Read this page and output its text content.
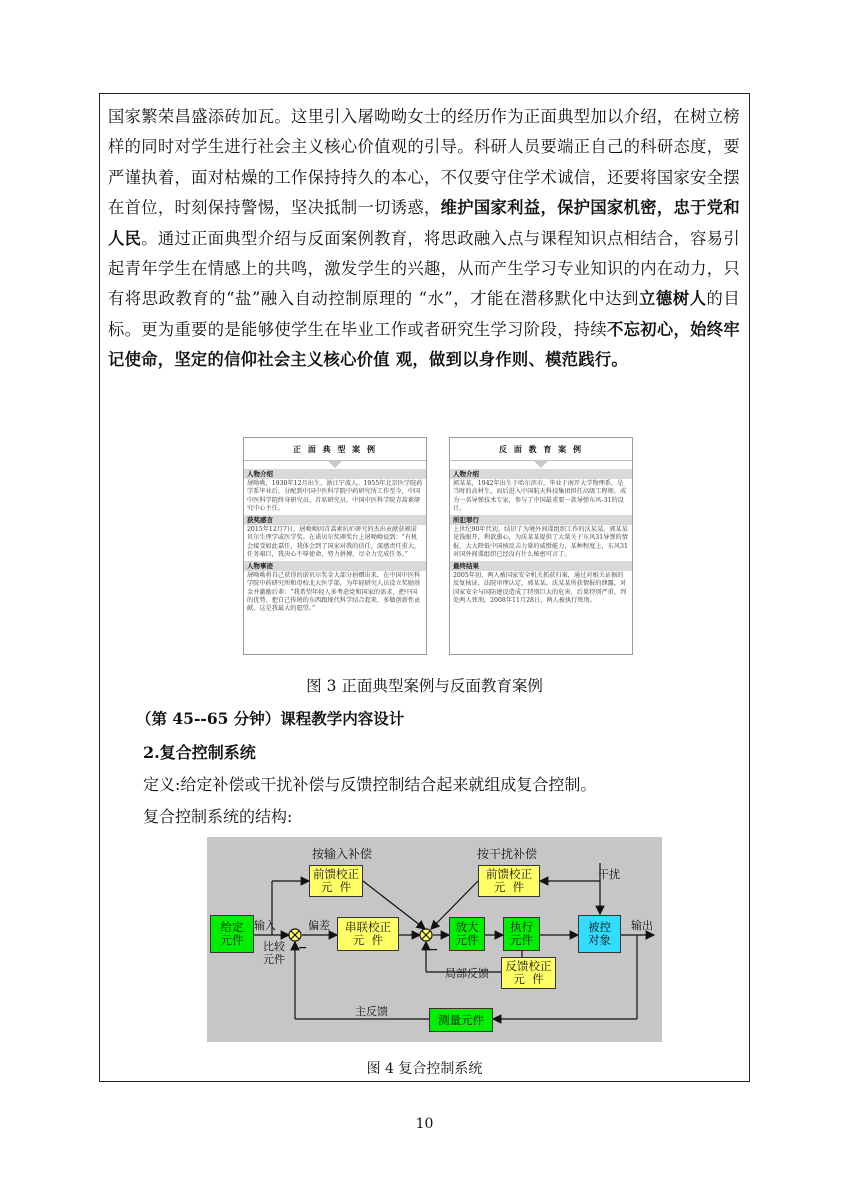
国家繁荣昌盛添砖加瓦。这里引入屠呦呦女士的经历作为正面典型加以介绍，在树立榜样的同时对学生进行社会主义核心价值观的引导。科研人员要端正自己的科研态度，要严谨执着，面对枯燥的工作保持持久的本心，不仅要守住学术诚信，还要将国家安全摆在首位，时刻保持警惕，坚决抵制一切诱惑，维护国家利益，保护国家机密，忠于党和人民。通过正面典型介绍与反面案例教育，将思政融入点与课程知识点相结合，容易引起青年学生在情感上的共鸣，激发学生的兴趣，从而产生学习专业知识的内在动力，只有将思政教育的“盐”融入自动控制原理的 “水”，才能在潜移默化中达到立德树人的目标。更为重要的是能够使学生在毕业工作或者研究生学习阶段，持续不忘初心，始终牢记使命，坚定的信仰社会主义核心价值 观，做到以身作则、模范践行。
正 面 典 型 案 例
人物介绍
屠呦呦，1930年12月出生，浙江宁波人。1955年北京医学院药学系毕业后，分配到中国中医科学院中药研究所工作至今，中国中医科学院终身研究员、首席研究员，中国中医科学院青蒿素研究中心主任。
获奖感言
2015年12月7日，屠呦呦因青蒿素抗疟研究的杰出贡献获颁诺贝尔生理学或医学奖。在诺贝尔奖颁奖台上屠呦呦说到：“有机会接受如此嘉任，我体会到了国家对我的信任，深感责任重大，任务艰巨，我决心不辱使命，努力拼搏，尽全力完成任务。”
人物事迹
屠呦呦将自己获得的诺贝尔奖金大部分捐赠出来，在中国中医科学院中药研究所和母校北大医学部，为年轻研究人员设立奖励基金并激励后辈：“我希望年轻人多考虑党和国家的需求，把中国的优势、把自己传统的东西跟现代科学结合起来，多做创新性贡献，这是我最大的愿望。”
反 面 教 育 案 例
人物介绍
郭某某，1942年出生于哈尔滨市，毕业于南开大学物理系，是当时的高材生，而后进入中国航天科技集团担任高级工程师，成为一名导弹技术专家，参与了中国最重要一款导弹东风-31的设计。
所犯罪行
上世纪90年代初，结识了为境外间谍组织工作的沃某某，郭某某见钱眼开，利欲熏心，为沃某某提供了大量关于东风31导弹的情报，大大降低中国核反击力量的威慑能力，某种程度上，东风31对国外间谍组织已经没有什么秘密可言了。
最终结果
2005年初，两人被国家安全机关抓获归案，通过对相关证据的反复核证，法院审理认定，郭某某、沃某某所获情报的泄露，对国家安全与国防建设造成了特别巨大的危害，后果特别严重，判处两人死刑，2008年11月28日，两人被执行死刑。
图 3 正面典型案例与反面教育案例
（第 45--65 分钟）课程教学内容设计
2.复合控制系统
定义:给定补偿或干扰补偿与反馈控制结合起来就组成复合控制。
复合控制系统的结构:
给定
元件
前馈校正
元  件
前馈校正
元  件
串联校正
元  件
放大
元件
执行
元件
被控
对象
反馈校正
元  件
测量元件
按输入补偿	按干扰补偿
干扰
输入	输出
偏差
比较
元件
−	−
局部反馈
主反馈
图 4 复合控制系统
10
